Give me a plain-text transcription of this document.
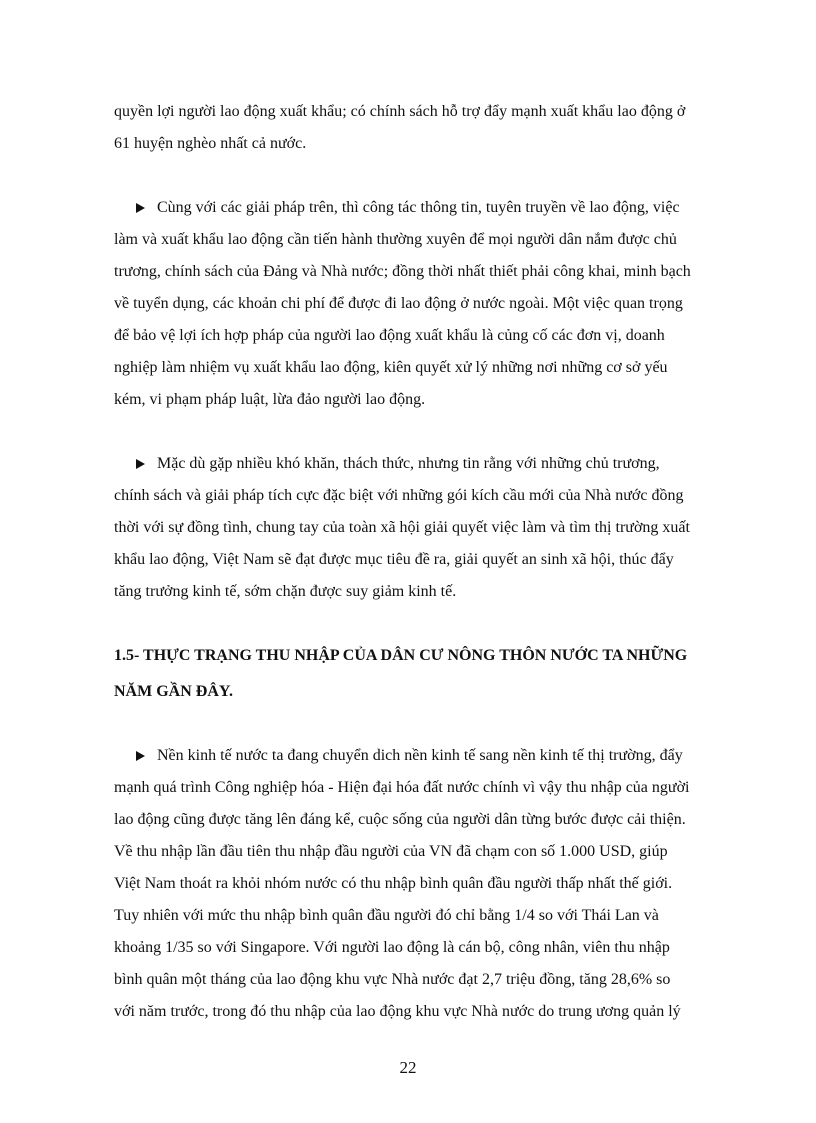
quyền lợi người lao động xuất khẩu; có chính sách hỗ trợ đẩy mạnh xuất khẩu lao động ở

61 huyện nghèo nhất cả nước.

Cùng với các giải pháp trên, thì công tác thông tin, tuyên truyền về lao động, việc

làm và xuất khẩu lao động cần tiến hành thường xuyên để mọi người dân nắm được chủ

trương, chính sách của Đảng và Nhà nước; đồng thời nhất thiết phải công khai, minh bạch

về tuyển dụng, các khoản chi phí để được đi lao động ở nước ngoài. Một việc quan trọng

để bảo vệ lợi ích hợp pháp của người lao động xuất khẩu là củng cố các đơn vị, doanh

nghiệp làm nhiệm vụ xuất khẩu lao động, kiên quyết xử lý những nơi những cơ sở yếu

kém, vi phạm pháp luật, lừa đảo người lao động.

Mặc dù gặp nhiều khó khăn, thách thức, nhưng tin rằng với những chủ trương,

chính sách và giải pháp tích cực đặc biệt với những gói kích cầu mới của Nhà nước đồng

thời với sự đồng tình, chung tay của toàn xã hội giải quyết việc làm và tìm thị trường xuất

khẩu lao động, Việt Nam sẽ đạt được mục tiêu đề ra, giải quyết an sinh xã hội, thúc đẩy

tăng trưởng kinh tế, sớm chặn được suy giảm kinh tế.

1.5- THỰC TRẠNG THU NHẬP CỦA DÂN CƯ NÔNG THÔN NƯỚC TA NHỮNG

NĂM GẦN ĐÂY.

Nền kinh tế nước ta đang chuyển dich nền kinh tế sang nền kinh tế thị trường, đẩy

mạnh quá trình Công nghiệp hóa - Hiện đại hóa đất nước chính vì vậy thu nhập của người

lao động cũng được tăng lên đáng kể, cuộc sống của người dân từng bước được cải thiện.

Về thu nhập lần đầu tiên thu nhập đầu người của VN đã chạm con số 1.000 USD, giúp

Việt Nam thoát ra khỏi nhóm nước có thu nhập bình quân đầu người thấp nhất thế giới.

Tuy nhiên với mức thu nhập bình quân đầu người đó chỉ bằng 1/4 so với Thái Lan và

khoảng 1/35 so với Singapore. Với người lao động là cán bộ, công nhân, viên thu nhập

bình quân một tháng của lao động khu vực Nhà nước đạt 2,7 triệu đồng, tăng 28,6% so

với năm trước, trong đó thu nhập của lao động khu vực Nhà nước do trung ương quản lý

22
